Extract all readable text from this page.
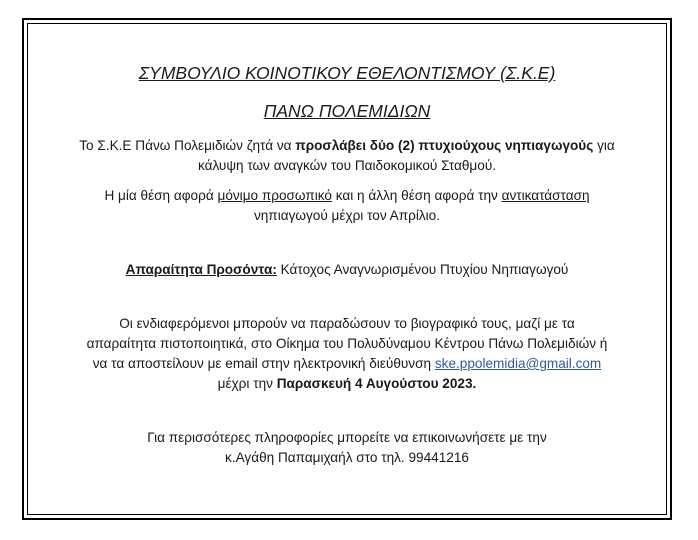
ΣΥΜΒΟΥΛΙΟ ΚΟΙΝΟΤΙΚΟΥ ΕΘΕΛΟΝΤΙΣΜΟΥ (Σ.Κ.Ε)
ΠΑΝΩ ΠΟΛΕΜΙΔΙΩΝ

Το Σ.Κ.Ε Πάνω Πολεμιδιών ζητά να προσλάβει δύο (2) πτυχιούχους νηπιαγωγούς για
κάλυψη των αναγκών του Παιδοκομικού Σταθμού.

Η μία θέση αφορά μόνιμο προσωπικό και η άλλη θέση αφορά την αντικατάσταση
νηπιαγωγού μέχρι τον Απρίλιο.

Απαραίτητα Προσόντα: Κάτοχος Αναγνωρισμένου Πτυχίου Νηπιαγωγού

Οι ενδιαφερόμενοι μπορούν να παραδώσουν το βιογραφικό τους, μαζί με τα
απαραίτητα πιστοποιητικά, στο Οίκημα του Πολυδύναμου Κέντρου Πάνω Πολεμιδιών ή
να τα αποστείλουν με email στην ηλεκτρονική διεύθυνση ske.ppolemidia@gmail.com
μέχρι την Παρασκευή 4 Αυγούστου 2023.

Για περισσότερες πληροφορίες μπορείτε να επικοινωνήσετε με την
κ.Αγάθη Παπαμιχαήλ στο τηλ. 99441216
